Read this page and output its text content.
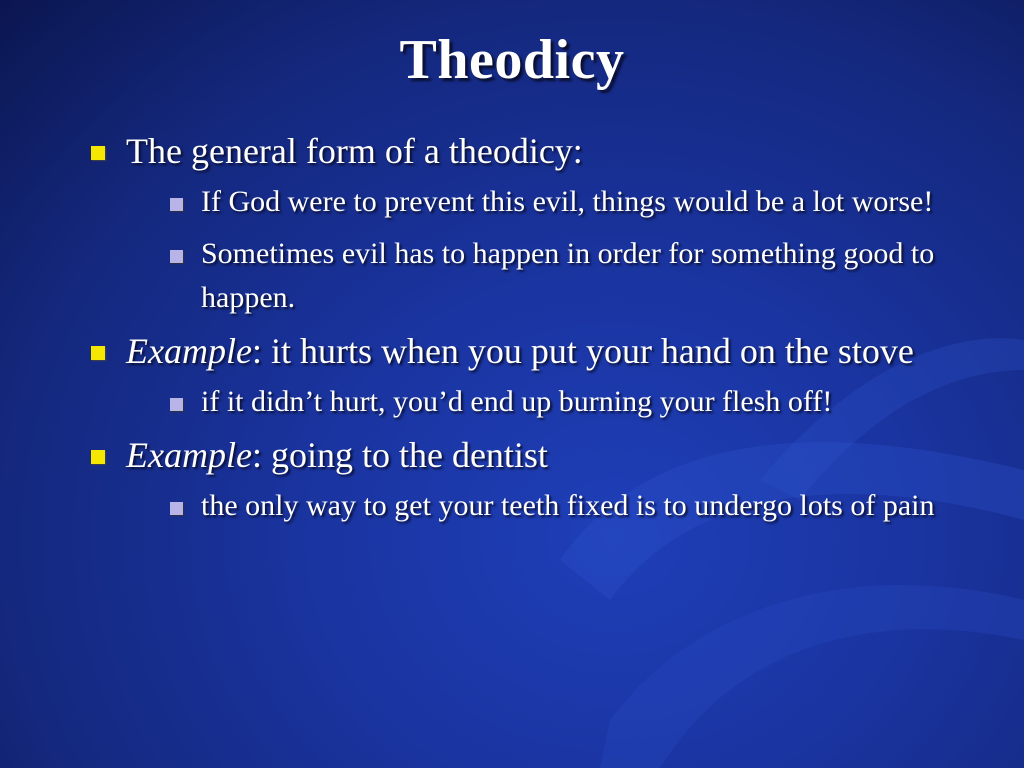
Theodicy
The general form of a theodicy:
If God were to prevent this evil, things would be a lot worse!
Sometimes evil has to happen in order for something good to happen.
Example: it hurts when you put your hand on the stove
if it didn’t hurt, you’d end up burning your flesh off!
Example: going to the dentist
the only way to get your teeth fixed is to undergo lots of pain
